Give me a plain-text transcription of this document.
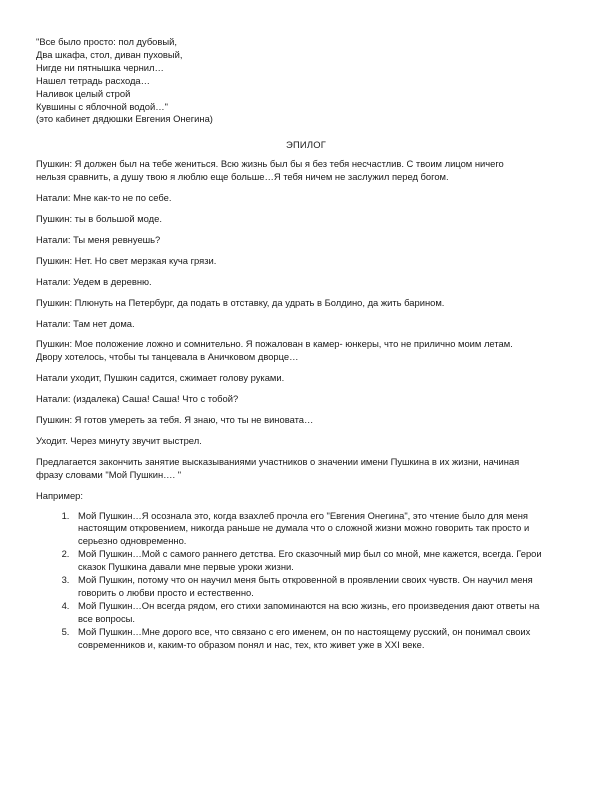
"Все было просто: пол дубовый,
Два шкафа, стол, диван пуховый,
Нигде ни пятнышка чернил…
Нашел тетрадь расхода…
Наливок целый строй
Кувшины с яблочной водой…"
(это кабинет дядюшки Евгения Онегина)
ЭПИЛОГ
Пушкин: Я должен был на тебе жениться. Всю жизнь был бы я без тебя несчастлив. С твоим лицом ничего
нельзя сравнить, а душу твою я люблю еще больше…Я тебя ничем не заслужил перед богом.
Натали: Мне как-то не по себе.
Пушкин: ты в большой моде.
Натали: Ты меня ревнуешь?
Пушкин: Нет. Но свет мерзкая куча грязи.
Натали: Уедем в деревню.
Пушкин: Плюнуть на Петербург, да подать в отставку, да удрать в Болдино, да жить барином.
Натали: Там нет дома.
Пушкин: Мое положение ложно и сомнительно. Я пожалован в камер- юнкеры, что не прилично моим летам.
Двору хотелось, чтобы ты танцевала в Аничковом дворце…
Натали уходит, Пушкин садится, сжимает голову руками.
Натали: (издалека) Саша! Саша! Что с тобой?
Пушкин: Я готов умереть за тебя. Я знаю, что ты не виновата…
Уходит. Через минуту звучит выстрел.
Предлагается закончить занятие высказываниями участников о значении имени Пушкина в их жизни, начиная
фразу словами "Мой Пушкин…. "
Например:
1. Мой Пушкин…Я осознала это, когда взахлеб прочла его "Евгения Онегина", это чтение было для меня
настоящим откровением, никогда раньше не думала что о сложной жизни можно говорить так просто и
серьезно одновременно.
2. Мой Пушкин…Мой с самого раннего детства. Его сказочный мир был со мной, мне кажется, всегда. Герои
сказок Пушкина давали мне первые уроки жизни.
3. Мой Пушкин, потому что он научил меня быть откровенной в проявлении своих чувств. Он научил меня
говорить о любви просто и естественно.
4. Мой Пушкин…Он всегда рядом, его стихи запоминаются на всю жизнь, его произведения дают ответы на
все вопросы.
5. Мой Пушкин…Мне дорого все, что связано с его именем, он по настоящему русский, он понимал своих
современников и, каким-то образом понял и нас, тех, кто живет уже в XXI веке.
